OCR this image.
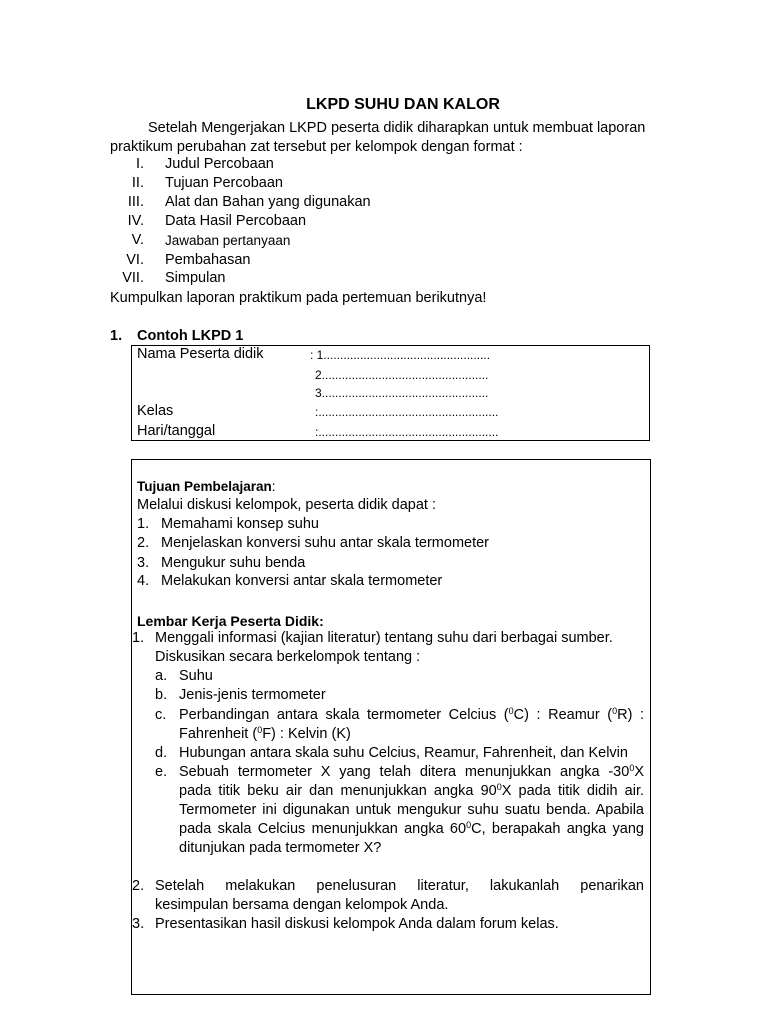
LKPD SUHU DAN KALOR
Setelah Mengerjakan LKPD peserta didik diharapkan untuk membuat laporan
praktikum perubahan zat tersebut per kelompok dengan format :
I. Judul Percobaan
II. Tujuan Percobaan
III. Alat dan Bahan yang digunakan
IV. Data Hasil Percobaan
V. Jawaban pertanyaan
VI. Pembahasan
VII. Simpulan
Kumpulkan laporan praktikum pada pertemuan berikutnya!
1. Contoh LKPD 1
Nama Peserta didik	: 1..................................................
2..................................................
3..................................................
Kelas	:......................................................
Hari/tanggal	:......................................................
Tujuan Pembelajaran:
Melalui diskusi kelompok, peserta didik dapat :
1. Memahami konsep suhu
2. Menjelaskan konversi suhu antar skala termometer
3. Mengukur suhu benda
4. Melakukan konversi antar skala termometer
Lembar Kerja Peserta Didik:
1. Menggali informasi (kajian literatur) tentang suhu dari berbagai sumber.
Diskusikan secara berkelompok tentang :
a. Suhu
b. Jenis-jenis termometer
c. Perbandingan antara skala termometer Celcius ($^0$C) : Reamur ($^0$R) :
Fahrenheit ($^0$F) : Kelvin (K)
d. Hubungan antara skala suhu Celcius, Reamur, Fahrenheit, dan Kelvin
e. Sebuah termometer X yang telah ditera menunjukkan angka $-30^0X$
pada titik beku air dan menunjukkan angka $90^0X$ pada titik didih air.
Termometer ini digunakan untuk mengukur suhu suatu benda. Apabila
pada skala Celcius menunjukkan angka $60^0C$, berapakah angka yang
ditunjukan pada termometer X?
2. Setelah melakukan penelusuran literatur, lakukanlah penarikan
kesimpulan bersama dengan kelompok Anda.
3. Presentasikan hasil diskusi kelompok Anda dalam forum kelas.
